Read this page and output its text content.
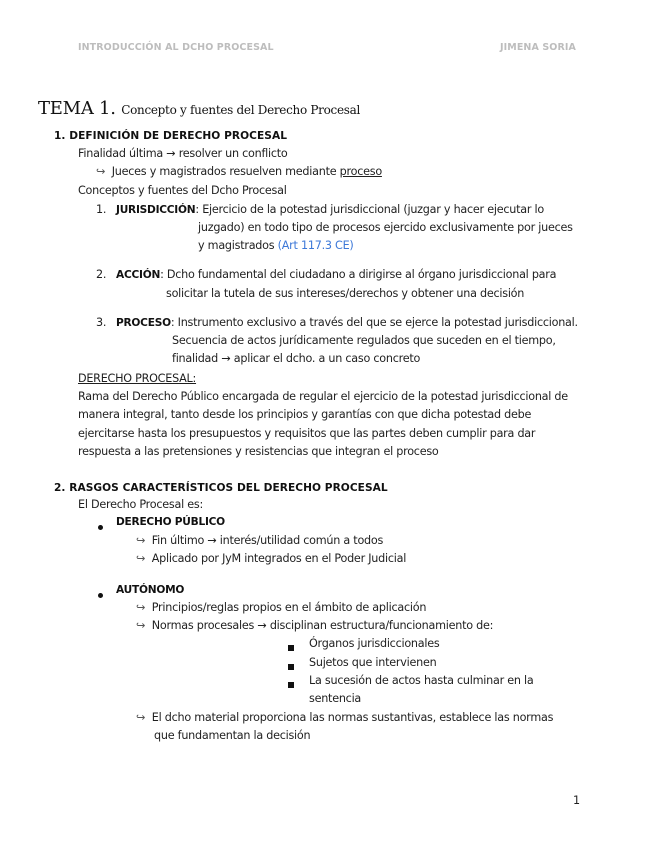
INTRODUCCIÓN AL DCHO PROCESAL	JIMENA SORIA
TEMA 1. Concepto y fuentes del Derecho Procesal
1. DEFINICIÓN DE DERECHO PROCESAL
Finalidad última → resolver un conflicto
↪ Jueces y magistrados resuelven mediante proceso
Conceptos y fuentes del Dcho Procesal
1. JURISDICCIÓN: Ejercicio de la potestad jurisdiccional (juzgar y hacer ejecutar lo
juzgado) en todo tipo de procesos ejercido exclusivamente por jueces
y magistrados (Art 117.3 CE)
2. ACCIÓN: Dcho fundamental del ciudadano a dirigirse al órgano jurisdiccional para
solicitar la tutela de sus intereses/derechos y obtener una decisión
3. PROCESO: Instrumento exclusivo a través del que se ejerce la potestad jurisdiccional.
Secuencia de actos jurídicamente regulados que suceden en el tiempo,
finalidad → aplicar el dcho. a un caso concreto
DERECHO PROCESAL:
Rama del Derecho Público encargada de regular el ejercicio de la potestad jurisdiccional de
manera integral, tanto desde los principios y garantías con que dicha potestad debe
ejercitarse hasta los presupuestos y requisitos que las partes deben cumplir para dar
respuesta a las pretensiones y resistencias que integran el proceso
2. RASGOS CARACTERÍSTICOS DEL DERECHO PROCESAL
El Derecho Procesal es:
DERECHO PÚBLICO
↪ Fin último → interés/utilidad común a todos
↪ Aplicado por JyM integrados en el Poder Judicial
AUTÓNOMO
↪ Principios/reglas propios en el ámbito de aplicación
↪ Normas procesales → disciplinan estructura/funcionamiento de:
Órganos jurisdiccionales
Sujetos que intervienen
La sucesión de actos hasta culminar en la
sentencia
↪ El dcho material proporciona las normas sustantivas, establece las normas
que fundamentan la decisión
1
